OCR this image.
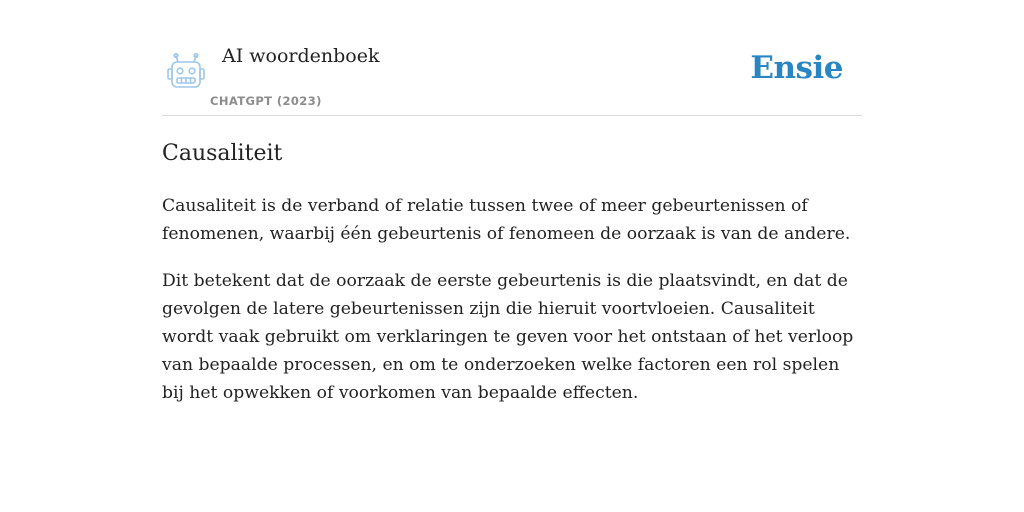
AI woordenboek
CHATGPT (2023)
Ensie
Causaliteit

Causaliteit is de verband of relatie tussen twee of meer gebeurtenissen of fenomenen, waarbij één gebeurtenis of fenomeen de oorzaak is van de andere.

Dit betekent dat de oorzaak de eerste gebeurtenis is die plaatsvindt, en dat de gevolgen de latere gebeurtenissen zijn die hieruit voortvloeien. Causaliteit wordt vaak gebruikt om verklaringen te geven voor het ontstaan of het verloop van bepaalde processen, en om te onderzoeken welke factoren een rol spelen bij het opwekken of voorkomen van bepaalde effecten.
